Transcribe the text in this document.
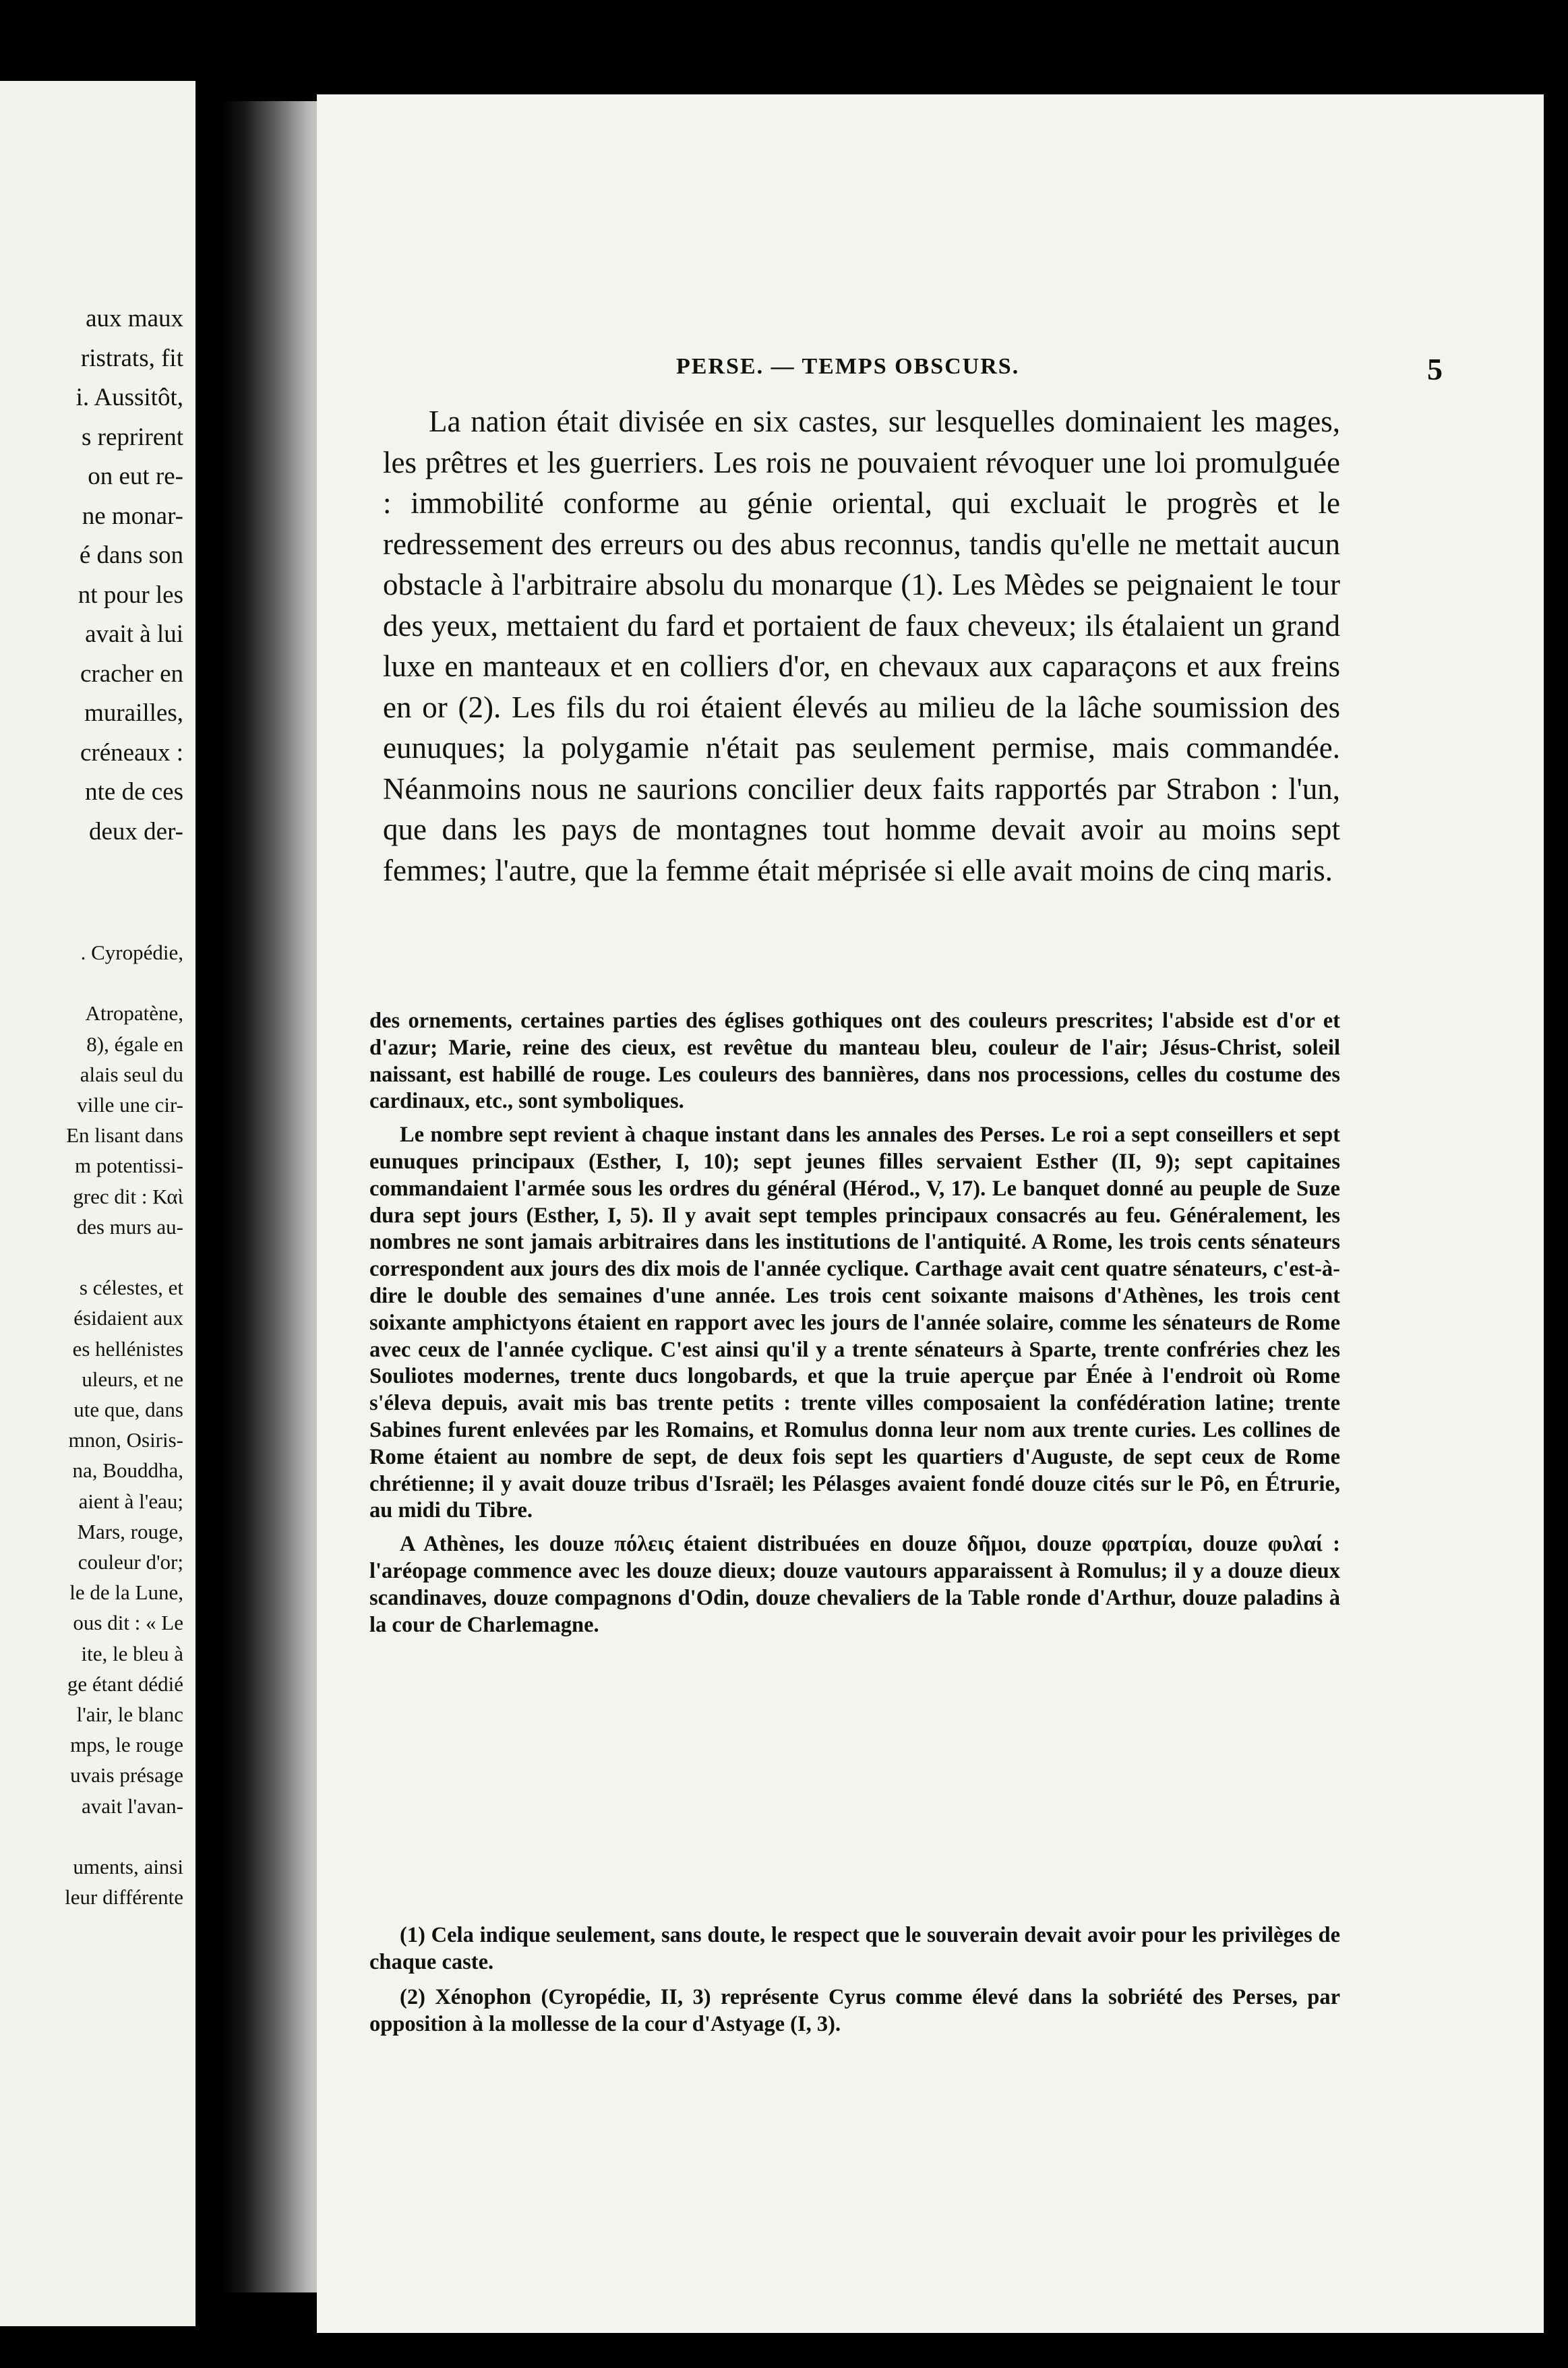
aux maux
ristrats, fit
i. Aussitôt,
s reprirent
on eut re-
ne monar-
é dans son
nt pour les
avait à lui
cracher en
murailles,
créneaux :
nte de ces
deux der-
. Cyropédie,
Atropatène,
8), égale en
alais seul du
ville une cir-
En lisant dans
m potentissi-
grec dit : Καὶ
des murs au-
s célestes, et
ésidaient aux
es hellénistes
uleurs, et ne
ute que, dans
mnon, Osiris-
na, Bouddha,
aient à l'eau;
Mars, rouge,
couleur d'or;
le de la Lune,
ous dit : « Le
ite, le bleu à
ge étant dédié
l'air, le blanc
mps, le rouge
uvais présage
avait l'avan-
uments, ainsi
leur différente
PERSE. — TEMPS OBSCURS.	5

La nation était divisée en six castes, sur lesquelles dominaient les mages, les prêtres et les guerriers. Les rois ne pouvaient révoquer une loi promulguée : immobilité conforme au génie oriental, qui excluait le progrès et le redressement des erreurs ou des abus reconnus, tandis qu'elle ne mettait aucun obstacle à l'arbitraire absolu du monarque (1). Les Mèdes se peignaient le tour des yeux, mettaient du fard et portaient de faux cheveux; ils étalaient un grand luxe en manteaux et en colliers d'or, en chevaux aux caparaçons et aux freins en or (2). Les fils du roi étaient élevés au milieu de la lâche soumission des eunuques; la polygamie n'était pas seulement permise, mais commandée. Néanmoins nous ne saurions concilier deux faits rapportés par Strabon : l'un, que dans les pays de montagnes tout homme devait avoir au moins sept femmes; l'autre, que la femme était méprisée si elle avait moins de cinq maris.

des ornements, certaines parties des églises gothiques ont des couleurs prescrites; l'abside est d'or et d'azur; Marie, reine des cieux, est revêtue du manteau bleu, couleur de l'air; Jésus-Christ, soleil naissant, est habillé de rouge. Les couleurs des bannières, dans nos processions, celles du costume des cardinaux, etc., sont symboliques.

Le nombre sept revient à chaque instant dans les annales des Perses. Le roi a sept conseillers et sept eunuques principaux (Esther, I, 10); sept jeunes filles servaient Esther (II, 9); sept capitaines commandaient l'armée sous les ordres du général (Hérod., V, 17). Le banquet donné au peuple de Suze dura sept jours (Esther, I, 5). Il y avait sept temples principaux consacrés au feu. Généralement, les nombres ne sont jamais arbitraires dans les institutions de l'antiquité. A Rome, les trois cents sénateurs correspondent aux jours des dix mois de l'année cyclique. Carthage avait cent quatre sénateurs, c'est-à-dire le double des semaines d'une année. Les trois cent soixante maisons d'Athènes, les trois cent soixante amphictyons étaient en rapport avec les jours de l'année solaire, comme les sénateurs de Rome avec ceux de l'année cyclique. C'est ainsi qu'il y a trente sénateurs à Sparte, trente confréries chez les Souliotes modernes, trente ducs longobards, et que la truie aperçue par Énée à l'endroit où Rome s'éleva depuis, avait mis bas trente petits : trente villes composaient la confédération latine; trente Sabines furent enlevées par les Romains, et Romulus donna leur nom aux trente curies. Les collines de Rome étaient au nombre de sept, de deux fois sept les quartiers d'Auguste, de sept ceux de Rome chrétienne; il y avait douze tribus d'Israël; les Pélasges avaient fondé douze cités sur le Pô, en Étrurie, au midi du Tibre.

A Athènes, les douze πόλεις étaient distribuées en douze δῆμοι, douze φρατρίαι, douze φυλαί : l'aréopage commence avec les douze dieux; douze vautours apparaissent à Romulus; il y a douze dieux scandinaves, douze compagnons d'Odin, douze chevaliers de la Table ronde d'Arthur, douze paladins à la cour de Charlemagne.

(1) Cela indique seulement, sans doute, le respect que le souverain devait avoir pour les privilèges de chaque caste.

(2) Xénophon (Cyropédie, II, 3) représente Cyrus comme élevé dans la sobriété des Perses, par opposition à la mollesse de la cour d'Astyage (I, 3).
